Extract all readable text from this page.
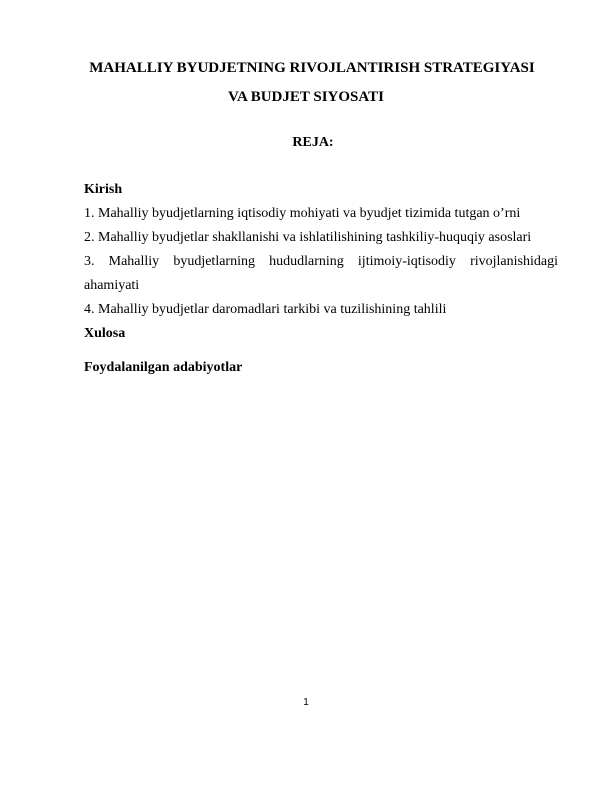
MAHALLIY BYUDJETNING RIVOJLANTIRISH STRATEGIYASI
VA BUDJET SIYOSATI
REJA:
Kirish
1. Mahalliy byudjetlarning iqtisodiy mohiyati va byudjet tizimida tutgan o’rni
2. Mahalliy byudjetlar shakllanishi va ishlatilishining tashkiliy-huquqiy asoslari
3. Mahalliy byudjetlarning hududlarning ijtimoiy-iqtisodiy rivojlanishidagi
ahamiyati
4. Mahalliy byudjetlar daromadlari tarkibi va tuzilishining tahlili
Xulosa
Foydalanilgan adabiyotlar
1
